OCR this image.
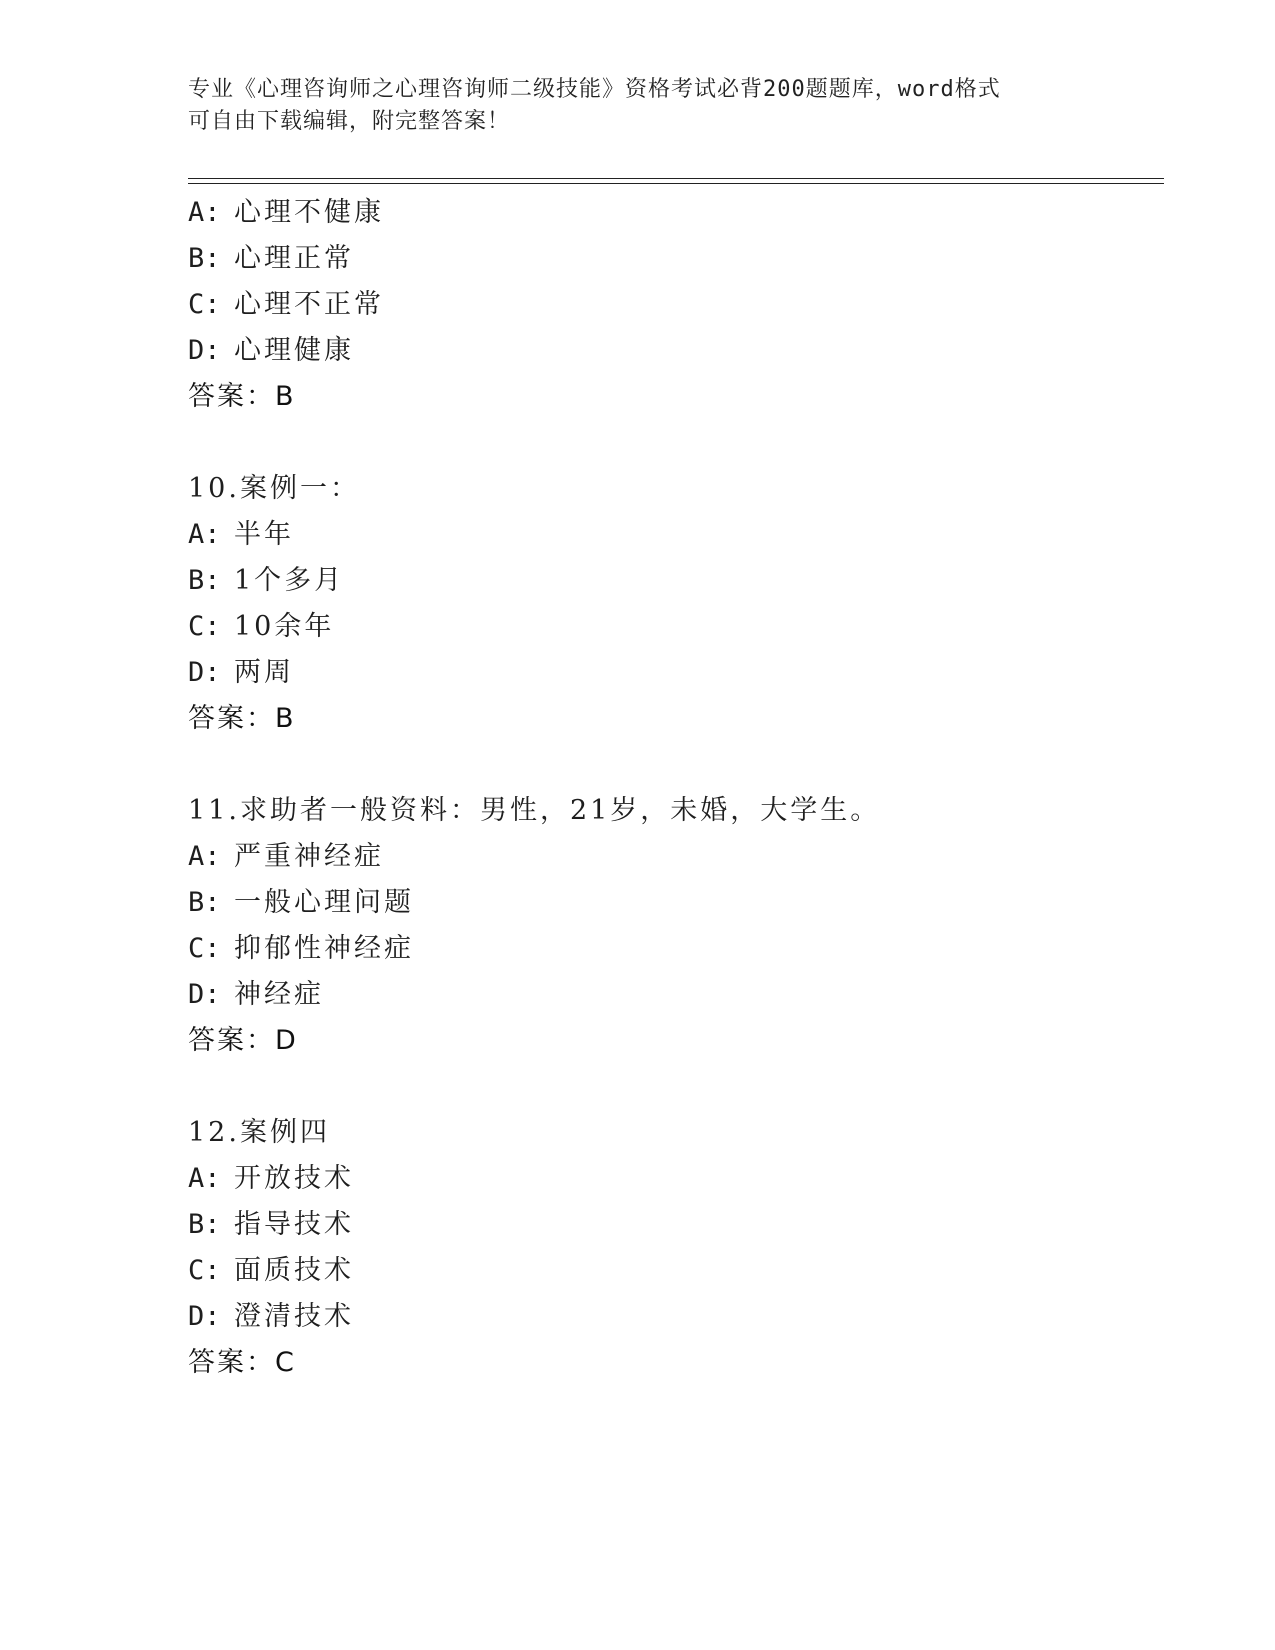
专业《心理咨询师之心理咨询师二级技能》资格考试必背200题题库，word格式
可自由下载编辑，附完整答案！
A: 心理不健康
B: 心理正常
C: 心理不正常
D: 心理健康
答案：B
10.案例一：
A: 半年
B: 1个多月
C: 10余年
D: 两周
答案：B
11.求助者一般资料：男性，21岁，未婚，大学生。
A: 严重神经症
B: 一般心理问题
C: 抑郁性神经症
D: 神经症
答案：D
12.案例四
A: 开放技术
B: 指导技术
C: 面质技术
D: 澄清技术
答案：C
